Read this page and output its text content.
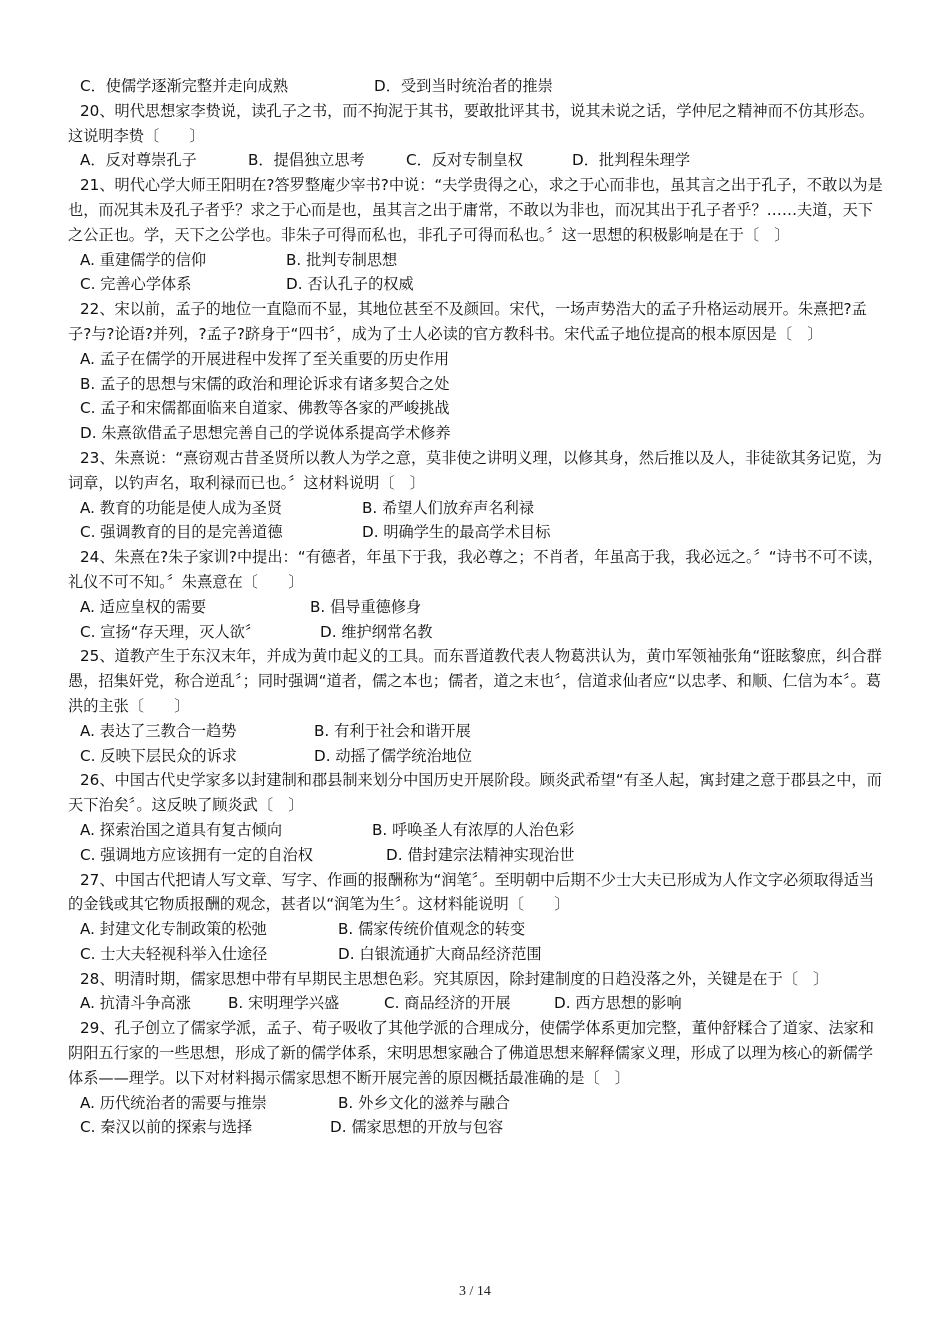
C．使儒学逐渐完整并走向成熟	D．受到当时统治者的推崇

20、明代思想家李贽说，读孔子之书，而不拘泥于其书，要敢批评其书，说其未说之话，学仲尼之精神而不仿其形态。这说明李贽〔　　〕

A．反对尊崇孔子	B．提倡独立思考	C．反对专制皇权	D．批判程朱理学

21、明代心学大师王阳明在?答罗整庵少宰书?中说：“夫学贵得之心，求之于心而非也，虽其言之出于孔子，不敢以为是也，而况其未及孔子者乎？求之于心而是也，虽其言之出于庸常，不敢以为非也，而况其出于孔子者乎？……夫道，天下之公正也。学，天下之公学也。非朱子可得而私也，非孔子可得而私也。〞这一思想的积极影响是在于〔　〕

A. 重建儒学的信仰	B. 批判专制思想

C. 完善心学体系	D. 否认孔子的权威

22、宋以前，孟子的地位一直隐而不显，其地位甚至不及颜回。宋代，一场声势浩大的孟子升格运动展开。朱熹把?孟子?与?论语?并列，?孟子?跻身于“四书〞，成为了士人必读的官方教科书。宋代孟子地位提高的根本原因是〔　〕

A. 孟子在儒学的开展进程中发挥了至关重要的历史作用

B. 孟子的思想与宋儒的政治和理论诉求有诸多契合之处

C. 孟子和宋儒都面临来自道家、佛教等各家的严峻挑战

D. 朱熹欲借孟子思想完善自己的学说体系提高学术修养

23、朱熹说：“熹窃观古昔圣贤所以教人为学之意，莫非使之讲明义理，以修其身，然后推以及人，非徒欲其务记览，为词章，以钓声名，取利禄而已也。〞这材料说明〔　〕

A. 教育的功能是使人成为圣贤	B. 希望人们放弃声名利禄

C. 强调教育的目的是完善道德	D. 明确学生的最高学术目标

24、朱熹在?朱子家训?中提出：“有德者，年虽下于我，我必尊之；不肖者，年虽高于我，我必远之。〞“诗书不可不读，礼仪不可不知。〞朱熹意在〔　　〕

A. 适应皇权的需要	B. 倡导重德修身

C. 宣扬“存天理，灭人欲〞	D. 维护纲常名教

25、道教产生于东汉末年，并成为黄巾起义的工具。而东晋道教代表人物葛洪认为，黄巾军领袖张角“诳眩黎庶，纠合群愚，招集奸党，称合逆乱〞；同时强调“道者，儒之本也；儒者，道之末也〞，信道求仙者应“以忠孝、和顺、仁信为本〞。葛洪的主张〔　　〕

A. 表达了三教合一趋势	B. 有利于社会和谐开展

C. 反映下层民众的诉求	D. 动摇了儒学统治地位

26、中国古代史学家多以封建制和郡县制来划分中国历史开展阶段。顾炎武希望“有圣人起，寓封建之意于郡县之中，而天下治矣〞。这反映了顾炎武〔　〕

A. 探索治国之道具有复古倾向	B. 呼唤圣人有浓厚的人治色彩

C. 强调地方应该拥有一定的自治权	D. 借封建宗法精神实现治世

27、中国古代把请人写文章、写字、作画的报酬称为“润笔〞。至明朝中后期不少士大夫已形成为人作文字必须取得适当的金钱或其它物质报酬的观念，甚者以“润笔为生〞。这材料能说明〔　　〕

A. 封建文化专制政策的松弛	B. 儒家传统价值观念的转变

C. 士大夫轻视科举入仕途径	D. 白银流通扩大商品经济范围

28、明清时期，儒家思想中带有早期民主思想色彩。究其原因，除封建制度的日趋没落之外，关键是在于〔　〕

A. 抗清斗争高涨 B. 宋明理学兴盛	C. 商品经济的开展	D. 西方思想的影响

29、孔子创立了儒家学派，孟子、荀子吸收了其他学派的合理成分，使儒学体系更加完整，董仲舒糅合了道家、法家和阴阳五行家的一些思想，形成了新的儒学体系，宋明思想家融合了佛道思想来解释儒家义理，形成了以理为核心的新儒学体系——理学。以下对材料揭示儒家思想不断开展完善的原因概括最准确的是〔　〕

A. 历代统治者的需要与推崇	B. 外乡文化的滋养与融合

C. 秦汉以前的探索与选择	D. 儒家思想的开放与包容

3 / 14
